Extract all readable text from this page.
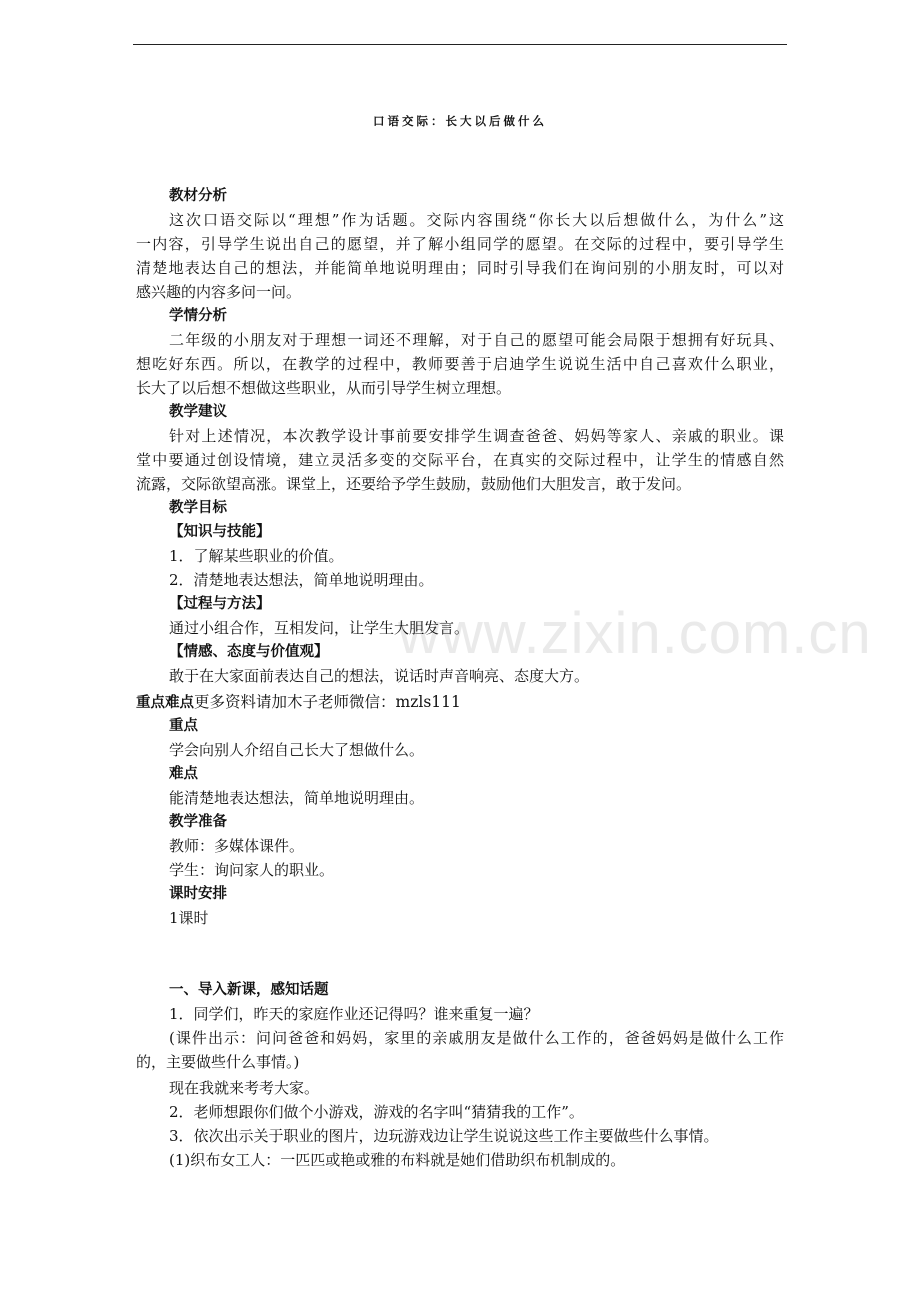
口语交际：长大以后做什么
www.zixin.com.cn
教材分析
这次口语交际以“理想”作为话题。交际内容围绕“你长大以后想做什么，为什么”这
一内容，引导学生说出自己的愿望，并了解小组同学的愿望。在交际的过程中，要引导学生
清楚地表达自己的想法，并能简单地说明理由；同时引导我们在询问别的小朋友时，可以对
感兴趣的内容多问一问。
学情分析
二年级的小朋友对于理想一词还不理解，对于自己的愿望可能会局限于想拥有好玩具、
想吃好东西。所以，在教学的过程中，教师要善于启迪学生说说生活中自己喜欢什么职业，
长大了以后想不想做这些职业，从而引导学生树立理想。
教学建议
针对上述情况，本次教学设计事前要安排学生调查爸爸、妈妈等家人、亲戚的职业。课
堂中要通过创设情境，建立灵活多变的交际平台，在真实的交际过程中，让学生的情感自然
流露，交际欲望高涨。课堂上，还要给予学生鼓励，鼓励他们大胆发言，敢于发问。
教学目标
【知识与技能】
1．了解某些职业的价值。
2．清楚地表达想法，简单地说明理由。
【过程与方法】
通过小组合作，互相发问，让学生大胆发言。
【情感、态度与价值观】
敢于在大家面前表达自己的想法，说话时声音响亮、态度大方。
重点难点更多资料请加木子老师微信：mzls111
重点
学会向别人介绍自己长大了想做什么。
难点
能清楚地表达想法，简单地说明理由。
教学准备
教师：多媒体课件。
学生：询问家人的职业。
课时安排
1课时
一、导入新课，感知话题
1．同学们，昨天的家庭作业还记得吗？谁来重复一遍？
(课件出示：问问爸爸和妈妈，家里的亲戚朋友是做什么工作的，爸爸妈妈是做什么工作
的，主要做些什么事情。)
现在我就来考考大家。
2．老师想跟你们做个小游戏，游戏的名字叫“猜猜我的工作”。
3．依次出示关于职业的图片，边玩游戏边让学生说说这些工作主要做些什么事情。
(1)织布女工人：一匹匹或艳或雅的布料就是她们借助织布机制成的。
